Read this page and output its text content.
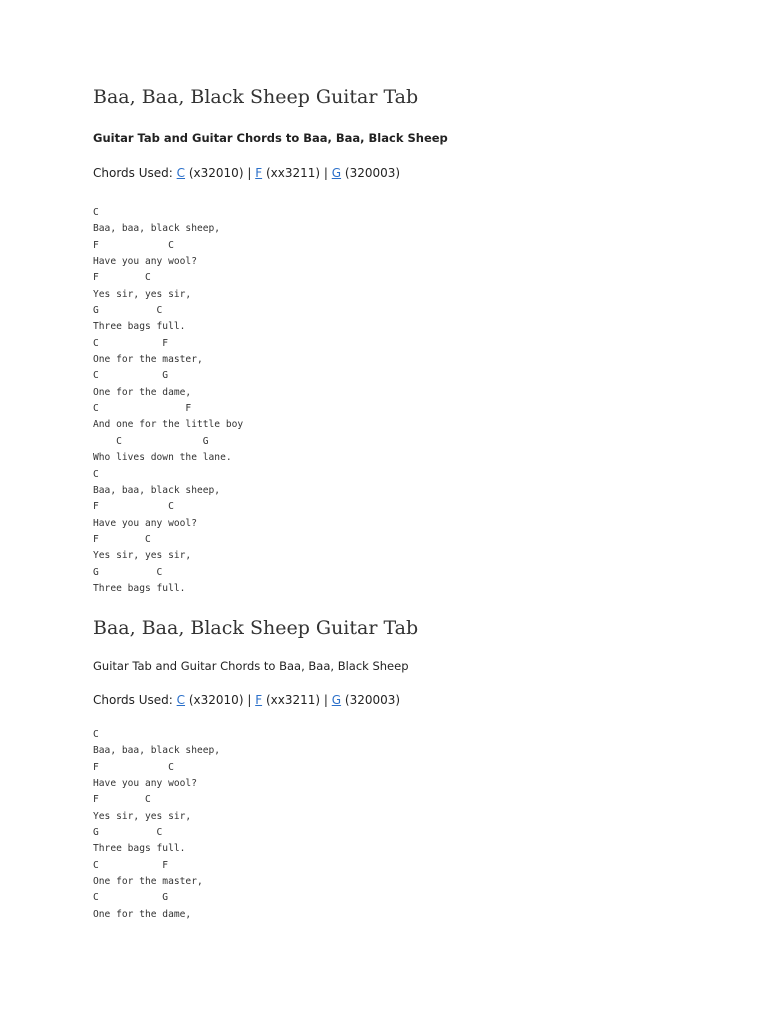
Baa, Baa, Black Sheep Guitar Tab

Guitar Tab and Guitar Chords to Baa, Baa, Black Sheep

Chords Used: C (x32010) | F (xx3211) | G (320003)
C
Baa, baa, black sheep,
F            C
Have you any wool?
F        C
Yes sir, yes sir,
G          C
Three bags full.
C           F
One for the master,
C           G
One for the dame,
C               F
And one for the little boy
C              G
Who lives down the lane.
C
Baa, baa, black sheep,
F            C
Have you any wool?
F        C
Yes sir, yes sir,
G          C
Three bags full.
Baa, Baa, Black Sheep Guitar Tab

Guitar Tab and Guitar Chords to Baa, Baa, Black Sheep

Chords Used: C (x32010) | F (xx3211) | G (320003)
C
Baa, baa, black sheep,
F            C
Have you any wool?
F        C
Yes sir, yes sir,
G          C
Three bags full.
C           F
One for the master,
C           G
One for the dame,
